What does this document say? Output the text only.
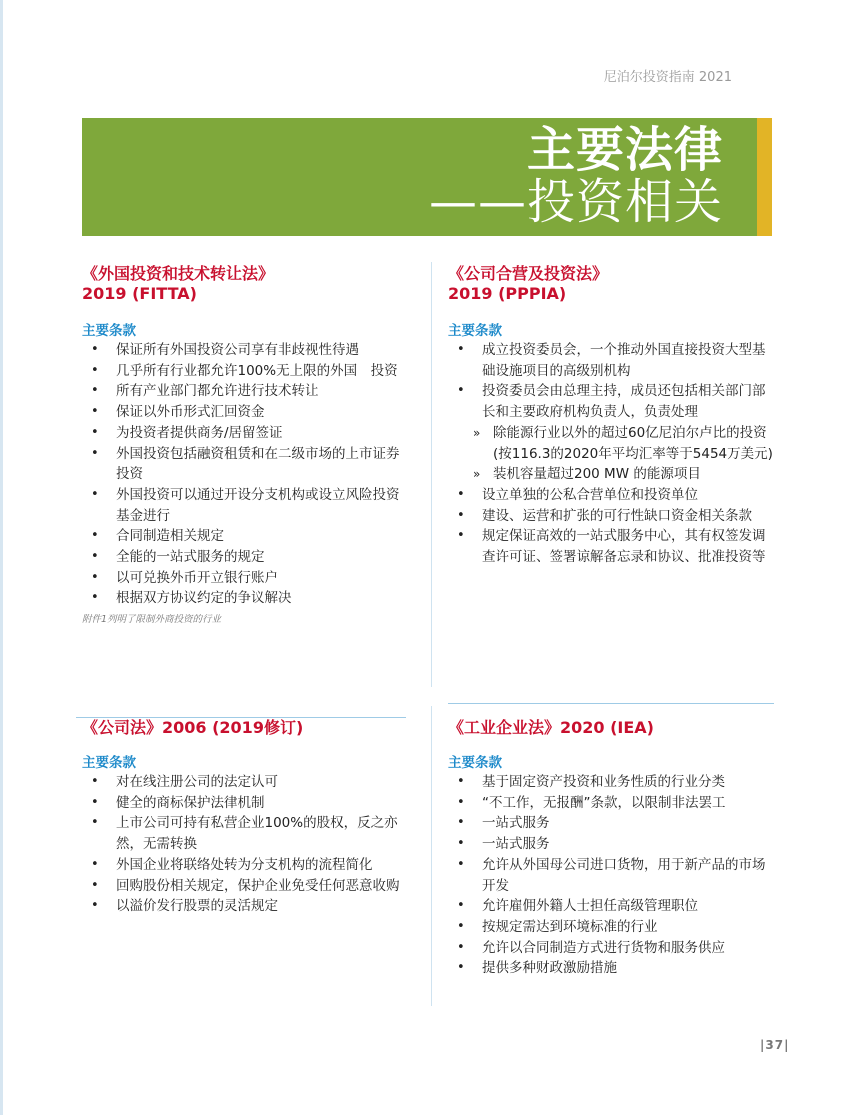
尼泊尔投资指南 2021
主要法律
——投资相关
《外国投资和技术转让法》
2019 (FITTA)
主要条款
• 保证所有外国投资公司享有非歧视性待遇
• 几乎所有行业都允许100%无上限的外国　投资
• 所有产业部门都允许进行技术转让
• 保证以外币形式汇回资金
• 为投资者提供商务/居留签证
• 外国投资包括融资租赁和在二级市场的上市证券投资
• 外国投资可以通过开设分支机构或设立风险投资基金进行
• 合同制造相关规定
• 全能的一站式服务的规定
• 以可兑换外币开立银行账户
• 根据双方协议约定的争议解决
附件1列明了限制外商投资的行业
《公司合营及投资法》
2019 (PPPIA)
主要条款
• 成立投资委员会，一个推动外国直接投资大型基础设施项目的高级别机构
• 投资委员会由总理主持，成员还包括相关部门部长和主要政府机构负责人，负责处理
» 除能源行业以外的超过60亿尼泊尔卢比的投资(按116.3的2020年平均汇率等于5454万美元)
» 装机容量超过200 MW 的能源项目
• 设立单独的公私合营单位和投资单位
• 建设、运营和扩张的可行性缺口资金相关条款
• 规定保证高效的一站式服务中心，其有权签发调查许可证、签署谅解备忘录和协议、批准投资等
《公司法》2006 (2019修订)
主要条款
• 对在线注册公司的法定认可
• 健全的商标保护法律机制
• 上市公司可持有私营企业100%的股权，反之亦然，无需转换
• 外国企业将联络处转为分支机构的流程简化
• 回购股份相关规定，保护企业免受任何恶意收购
• 以溢价发行股票的灵活规定
《工业企业法》2020 (IEA)
主要条款
• 基于固定资产投资和业务性质的行业分类
• “不工作，无报酬”条款，以限制非法罢工
• 一站式服务
• 一站式服务
• 允许从外国母公司进口货物，用于新产品的市场开发
• 允许雇佣外籍人士担任高级管理职位
• 按规定需达到环境标准的行业
• 允许以合同制造方式进行货物和服务供应
• 提供多种财政激励措施
|37|
